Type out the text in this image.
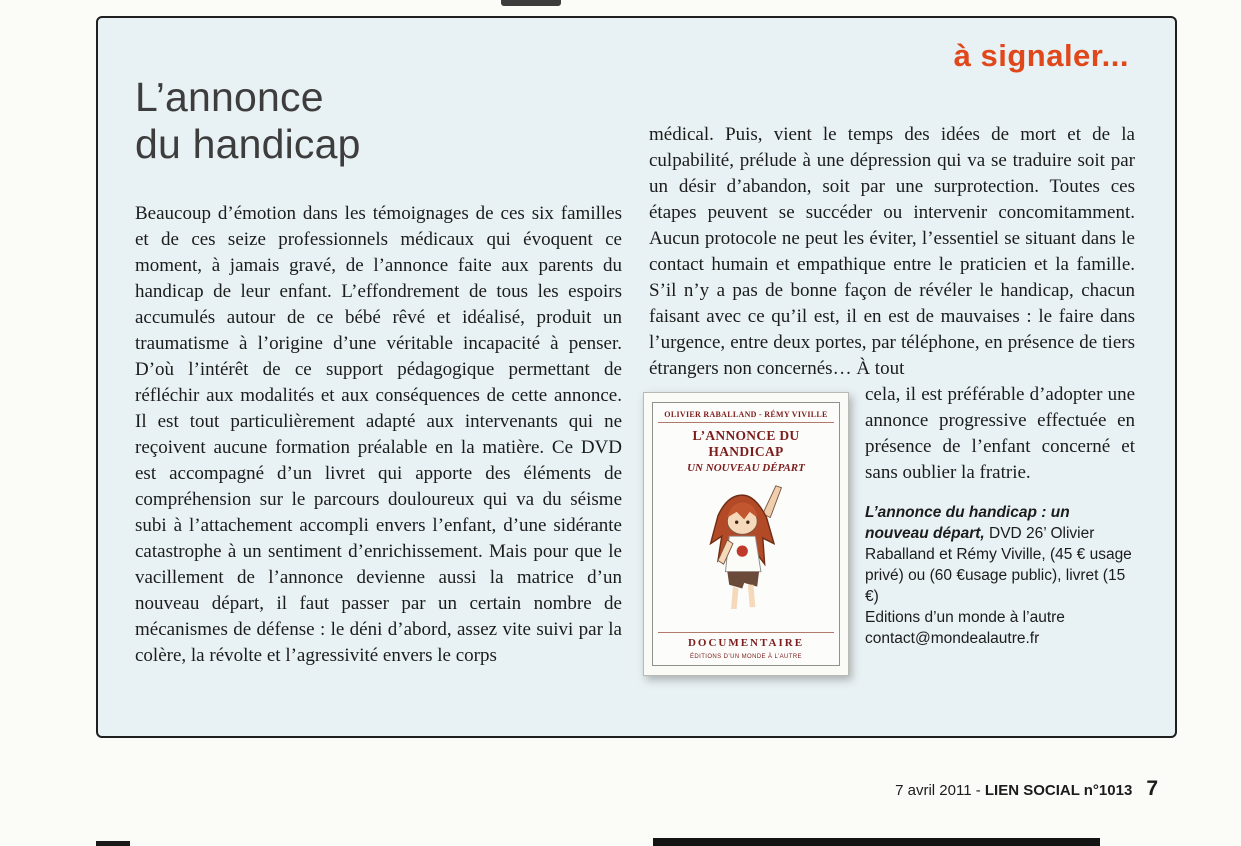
à signaler...
L’annonce
du handicap

Beaucoup d’émotion dans les témoignages de ces six familles et de ces seize professionnels médicaux qui évoquent ce moment, à jamais gravé, de l’annonce faite aux parents du handicap de leur enfant. L’effondrement de tous les espoirs accumulés autour de ce bébé rêvé et idéalisé, produit un traumatisme à l’origine d’une véritable incapacité à penser. D’où l’intérêt de ce support pédagogique permettant de réfléchir aux modalités et aux conséquences de cette annonce. Il est tout particulièrement adapté aux intervenants qui ne reçoivent aucune formation préalable en la matière. Ce DVD est accompagné d’un livret qui apporte des éléments de compréhension sur le parcours douloureux qui va du séisme subi à l’attachement accompli envers l’enfant, d’une sidérante catastrophe à un sentiment d’enrichissement. Mais pour que le vacillement de l’annonce devienne aussi la matrice d’un nouveau départ, il faut passer par un certain nombre de mécanismes de défense : le déni d’abord, assez vite suivi par la colère, la révolte et l’agressivité envers le corps

médical. Puis, vient le temps des idées de mort et de la culpabilité, prélude à une dépression qui va se traduire soit par un désir d’abandon, soit par une surprotection. Toutes ces étapes peuvent se succéder ou intervenir concomitamment. Aucun protocole ne peut les éviter, l’essentiel se situant dans le contact humain et empathique entre le praticien et la famille. S’il n’y a pas de bonne façon de révéler le handicap, chacun faisant avec ce qu’il est, il en est de mauvaises : le faire dans l’urgence, entre deux portes, par téléphone, en présence de tiers étrangers non concernés… À tout

OLIVIER RABALLAND - RÉMY VIVILLE
L’ANNONCE DU HANDICAP
UN NOUVEAU DÉPART
DOCUMENTAIRE
ÉDITIONS D’UN MONDE À L’AUTRE

cela, il est préférable d’adopter une annonce progressive effectuée en présence de l’enfant concerné et sans oublier la fratrie.

L’annonce du handicap : un nouveau départ, DVD 26’ Olivier Raballand et Rémy Viville, (45 € usage privé) ou (60 €usage public), livret (15 €)
Editions d’un monde à l’autre
contact@mondealautre.fr
7 avril 2011 - LIEN SOCIAL n°1013 7
